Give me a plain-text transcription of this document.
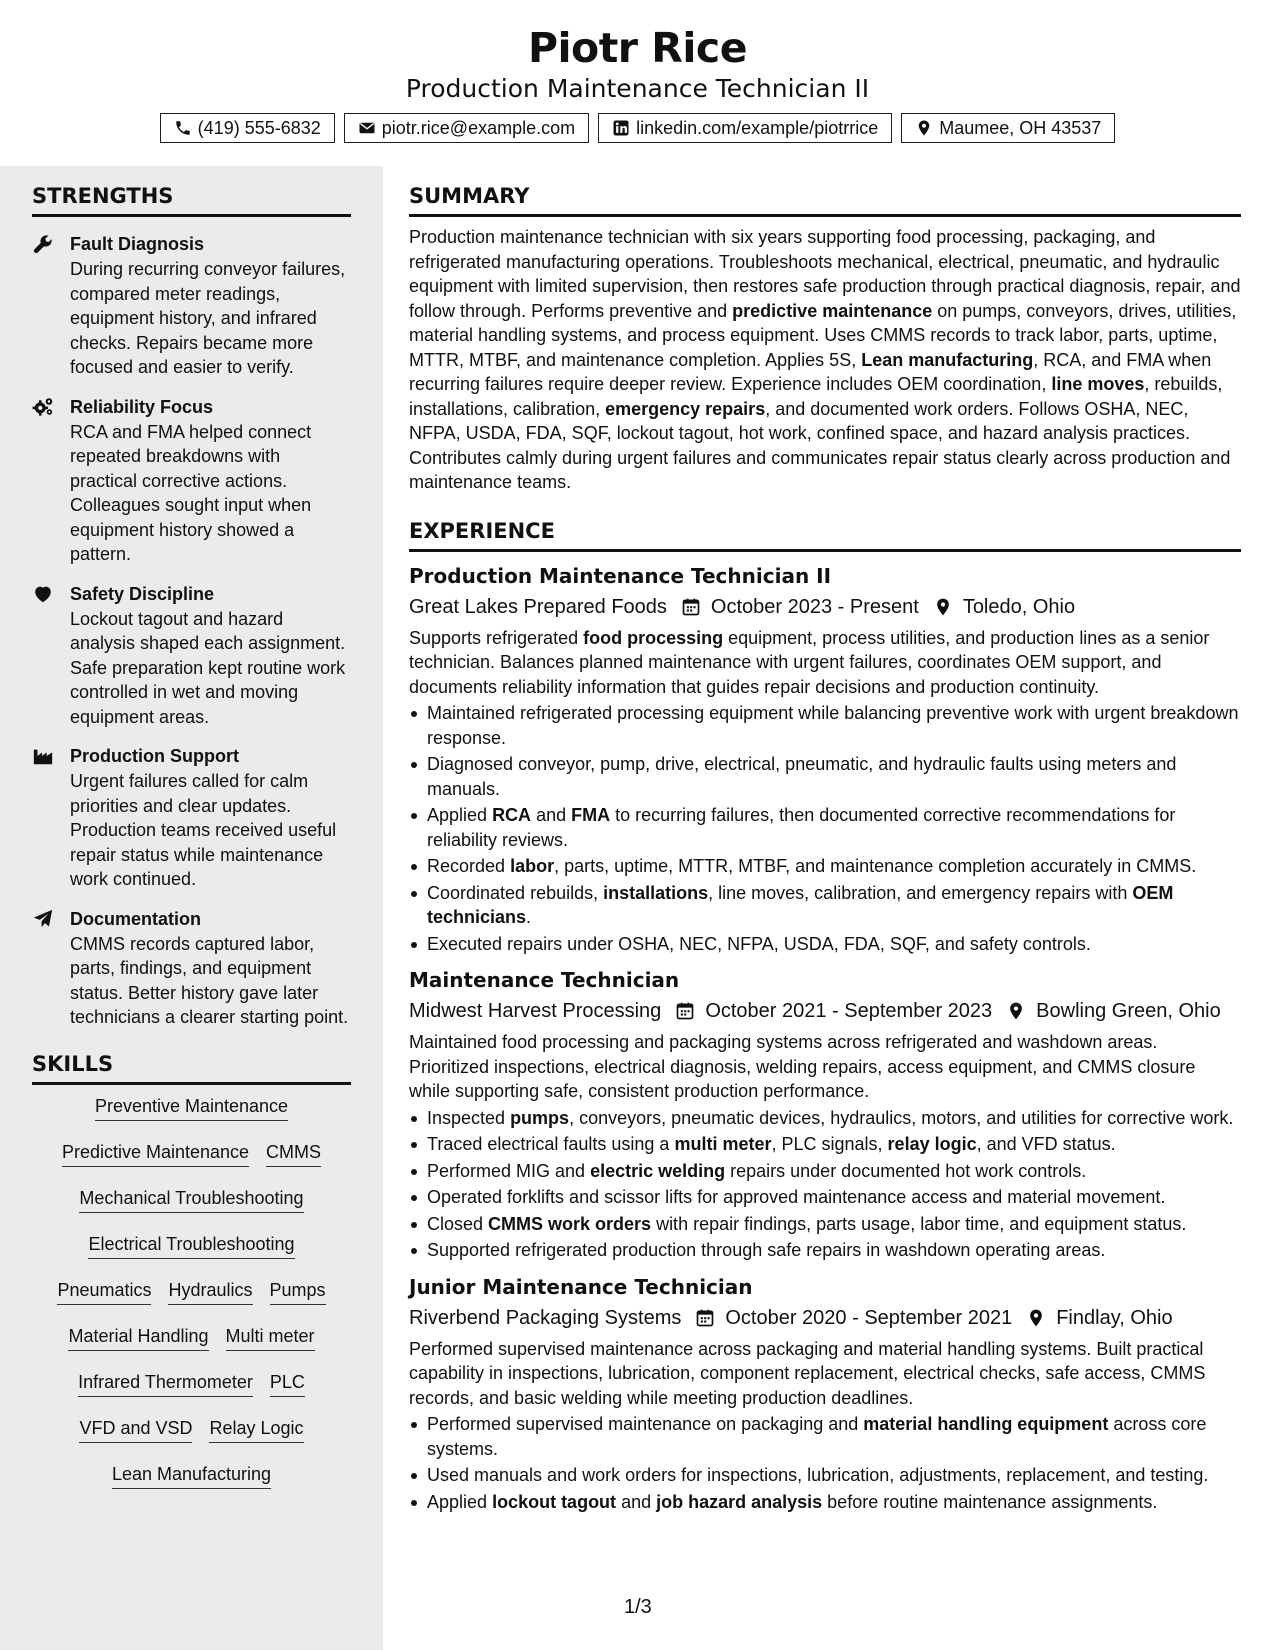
Piotr Rice
Production Maintenance Technician II
(419) 555-6832	piotr.rice@example.com	linkedin.com/example/piotrrice	Maumee, OH 43537
STRENGTHS
Fault Diagnosis
During recurring conveyor failures, compared meter readings, equipment history, and infrared checks. Repairs became more focused and easier to verify.
Reliability Focus
RCA and FMA helped connect repeated breakdowns with practical corrective actions. Colleagues sought input when equipment history showed a pattern.
Safety Discipline
Lockout tagout and hazard analysis shaped each assignment. Safe preparation kept routine work controlled in wet and moving equipment areas.
Production Support
Urgent failures called for calm priorities and clear updates. Production teams received useful repair status while maintenance work continued.
Documentation
CMMS records captured labor, parts, findings, and equipment status. Better history gave later technicians a clearer starting point.
SKILLS
Preventive Maintenance
Predictive Maintenance CMMS
Mechanical Troubleshooting
Electrical Troubleshooting
Pneumatics Hydraulics Pumps
Material Handling Multi meter
Infrared Thermometer PLC
VFD and VSD Relay Logic
Lean Manufacturing
SUMMARY
Production maintenance technician with six years supporting food processing, packaging, and refrigerated manufacturing operations. Troubleshoots mechanical, electrical, pneumatic, and hydraulic equipment with limited supervision, then restores safe production through practical diagnosis, repair, and follow through. Performs preventive and predictive maintenance on pumps, conveyors, drives, utilities, material handling systems, and process equipment. Uses CMMS records to track labor, parts, uptime, MTTR, MTBF, and maintenance completion. Applies 5S, Lean manufacturing, RCA, and FMA when recurring failures require deeper review. Experience includes OEM coordination, line moves, rebuilds, installations, calibration, emergency repairs, and documented work orders. Follows OSHA, NEC, NFPA, USDA, FDA, SQF, lockout tagout, hot work, confined space, and hazard analysis practices. Contributes calmly during urgent failures and communicates repair status clearly across production and maintenance teams.
EXPERIENCE
Production Maintenance Technician II
Great Lakes Prepared Foods October 2023 - Present Toledo, Ohio
Supports refrigerated food processing equipment, process utilities, and production lines as a senior technician. Balances planned maintenance with urgent failures, coordinates OEM support, and documents reliability information that guides repair decisions and production continuity.
Maintained refrigerated processing equipment while balancing preventive work with urgent breakdown response.
Diagnosed conveyor, pump, drive, electrical, pneumatic, and hydraulic faults using meters and manuals.
Applied RCA and FMA to recurring failures, then documented corrective recommendations for reliability reviews.
Recorded labor, parts, uptime, MTTR, MTBF, and maintenance completion accurately in CMMS.
Coordinated rebuilds, installations, line moves, calibration, and emergency repairs with OEM technicians.
Executed repairs under OSHA, NEC, NFPA, USDA, FDA, SQF, and safety controls.
Maintenance Technician
Midwest Harvest Processing October 2021 - September 2023 Bowling Green, Ohio
Maintained food processing and packaging systems across refrigerated and washdown areas. Prioritized inspections, electrical diagnosis, welding repairs, access equipment, and CMMS closure while supporting safe, consistent production performance.
Inspected pumps, conveyors, pneumatic devices, hydraulics, motors, and utilities for corrective work.
Traced electrical faults using a multi meter, PLC signals, relay logic, and VFD status.
Performed MIG and electric welding repairs under documented hot work controls.
Operated forklifts and scissor lifts for approved maintenance access and material movement.
Closed CMMS work orders with repair findings, parts usage, labor time, and equipment status.
Supported refrigerated production through safe repairs in washdown operating areas.
Junior Maintenance Technician
Riverbend Packaging Systems October 2020 - September 2021 Findlay, Ohio
Performed supervised maintenance across packaging and material handling systems. Built practical capability in inspections, lubrication, component replacement, electrical checks, safe access, CMMS records, and basic welding while meeting production deadlines.
Performed supervised maintenance on packaging and material handling equipment across core systems.
Used manuals and work orders for inspections, lubrication, adjustments, replacement, and testing.
Applied lockout tagout and job hazard analysis before routine maintenance assignments.
1/3
